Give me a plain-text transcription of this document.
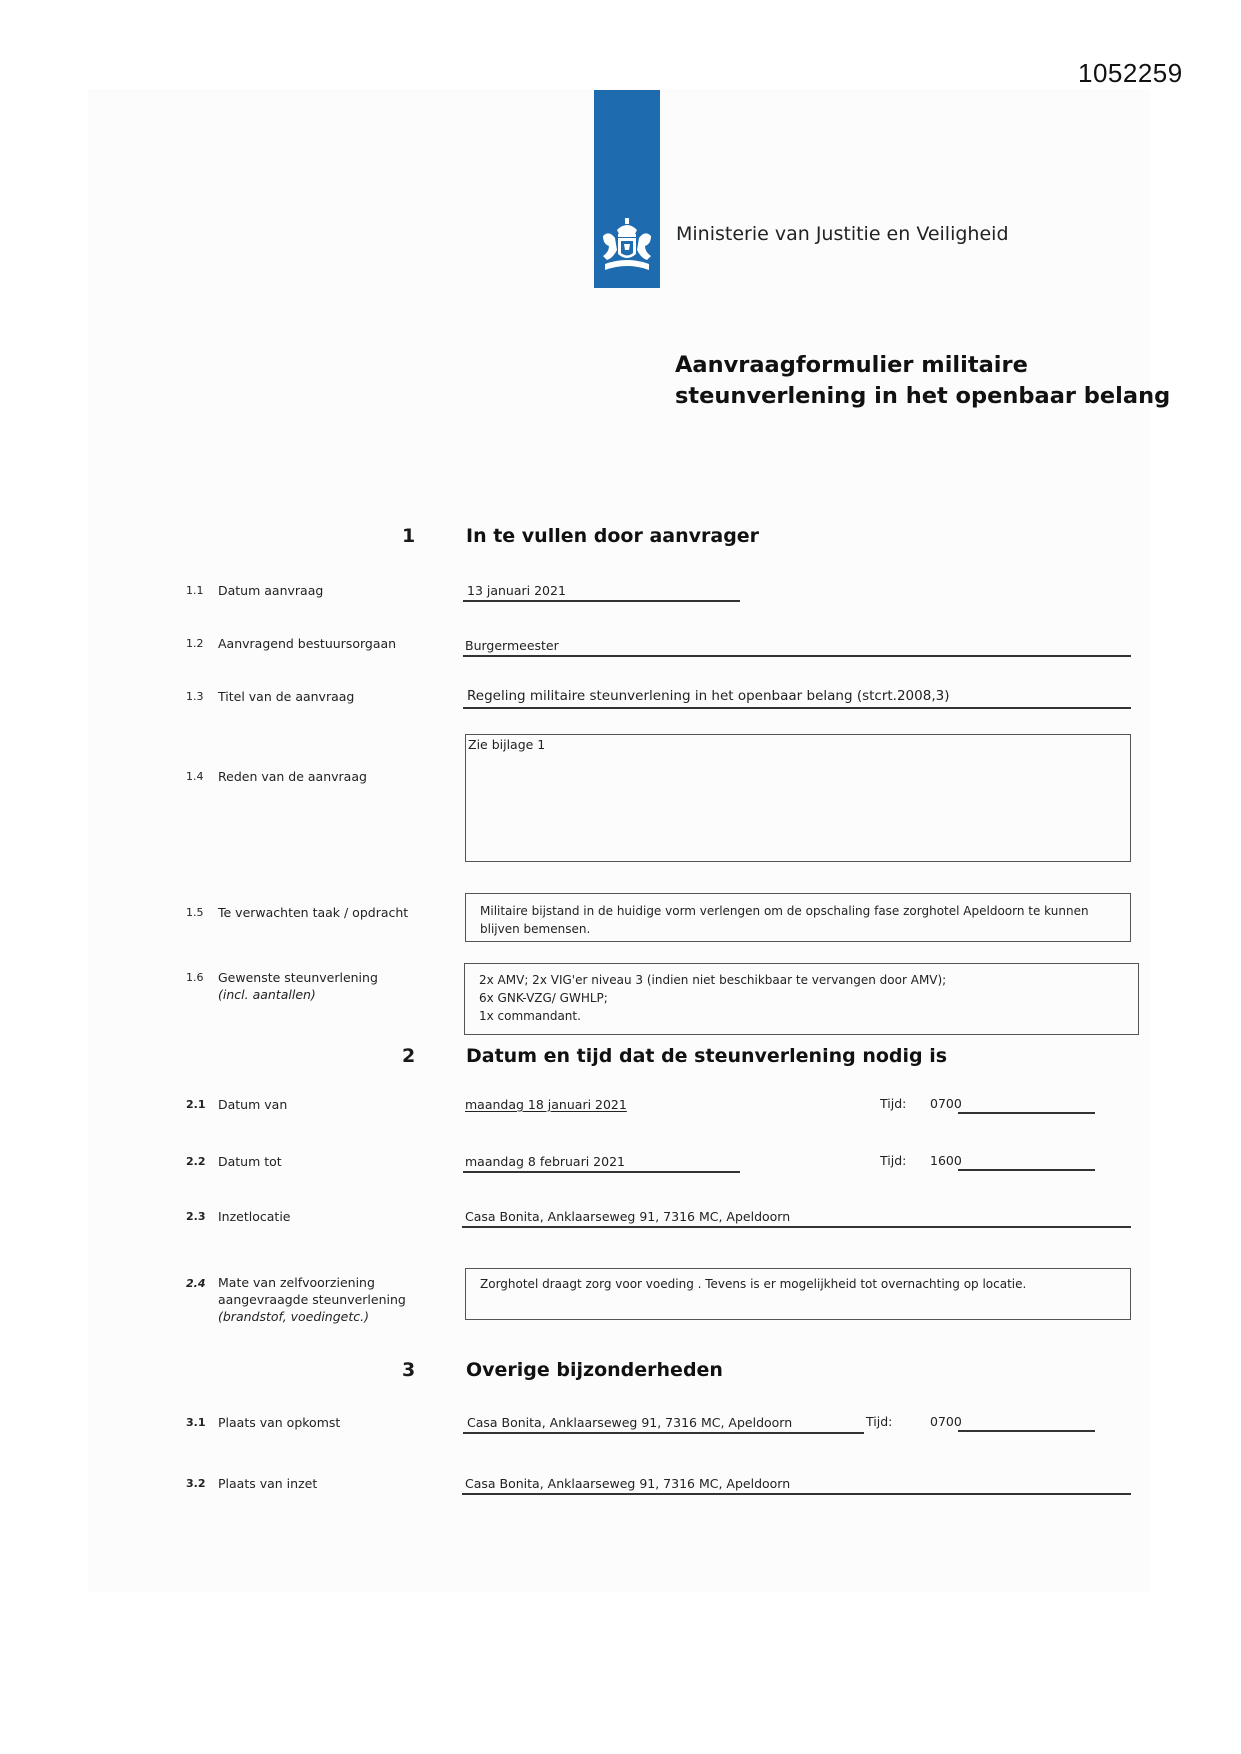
1052259
Ministerie van Justitie en Veiligheid
Aanvraagformulier militaire
steunverlening in het openbaar belang
1	In te vullen door aanvrager
1.1 Datum aanvraag	13 januari 2021
1.2 Aanvragend bestuursorgaan	Burgermeester
1.3 Titel van de aanvraag	Regeling militaire steunverlening in het openbaar belang (stcrt.2008,3)
1.4 Reden van de aanvraag
Zie bijlage 1
1.5 Te verwachten taak / opdracht	Militaire bijstand in de huidige vorm verlengen om de opschaling fase zorghotel Apeldoorn te kunnen
blijven bemensen.
1.6 Gewenste steunverlening
(incl. aantallen)
2x AMV; 2x VIG'er niveau 3 (indien niet beschikbaar te vervangen door AMV);
6x GNK-VZG/ GWHLP;
1x commandant.
2	Datum en tijd dat de steunverlening nodig is
2.1 Datum van	maandag 18 januari 2021	Tijd: 0700
2.2 Datum tot	maandag 8 februari 2021	Tijd: 1600
2.3 Inzetlocatie	Casa Bonita, Anklaarseweg 91, 7316 MC, Apeldoorn
2.4 Mate van zelfvoorziening
aangevraagde steunverlening
(brandstof, voedingetc.)
Zorghotel draagt zorg voor voeding . Tevens is er mogelijkheid tot overnachting op locatie.
3	Overige bijzonderheden
3.1 Plaats van opkomst	Casa Bonita, Anklaarseweg 91, 7316 MC, Apeldoorn	Tijd:	0700
3.2 Plaats van inzet	Casa Bonita, Anklaarseweg 91, 7316 MC, Apeldoorn
